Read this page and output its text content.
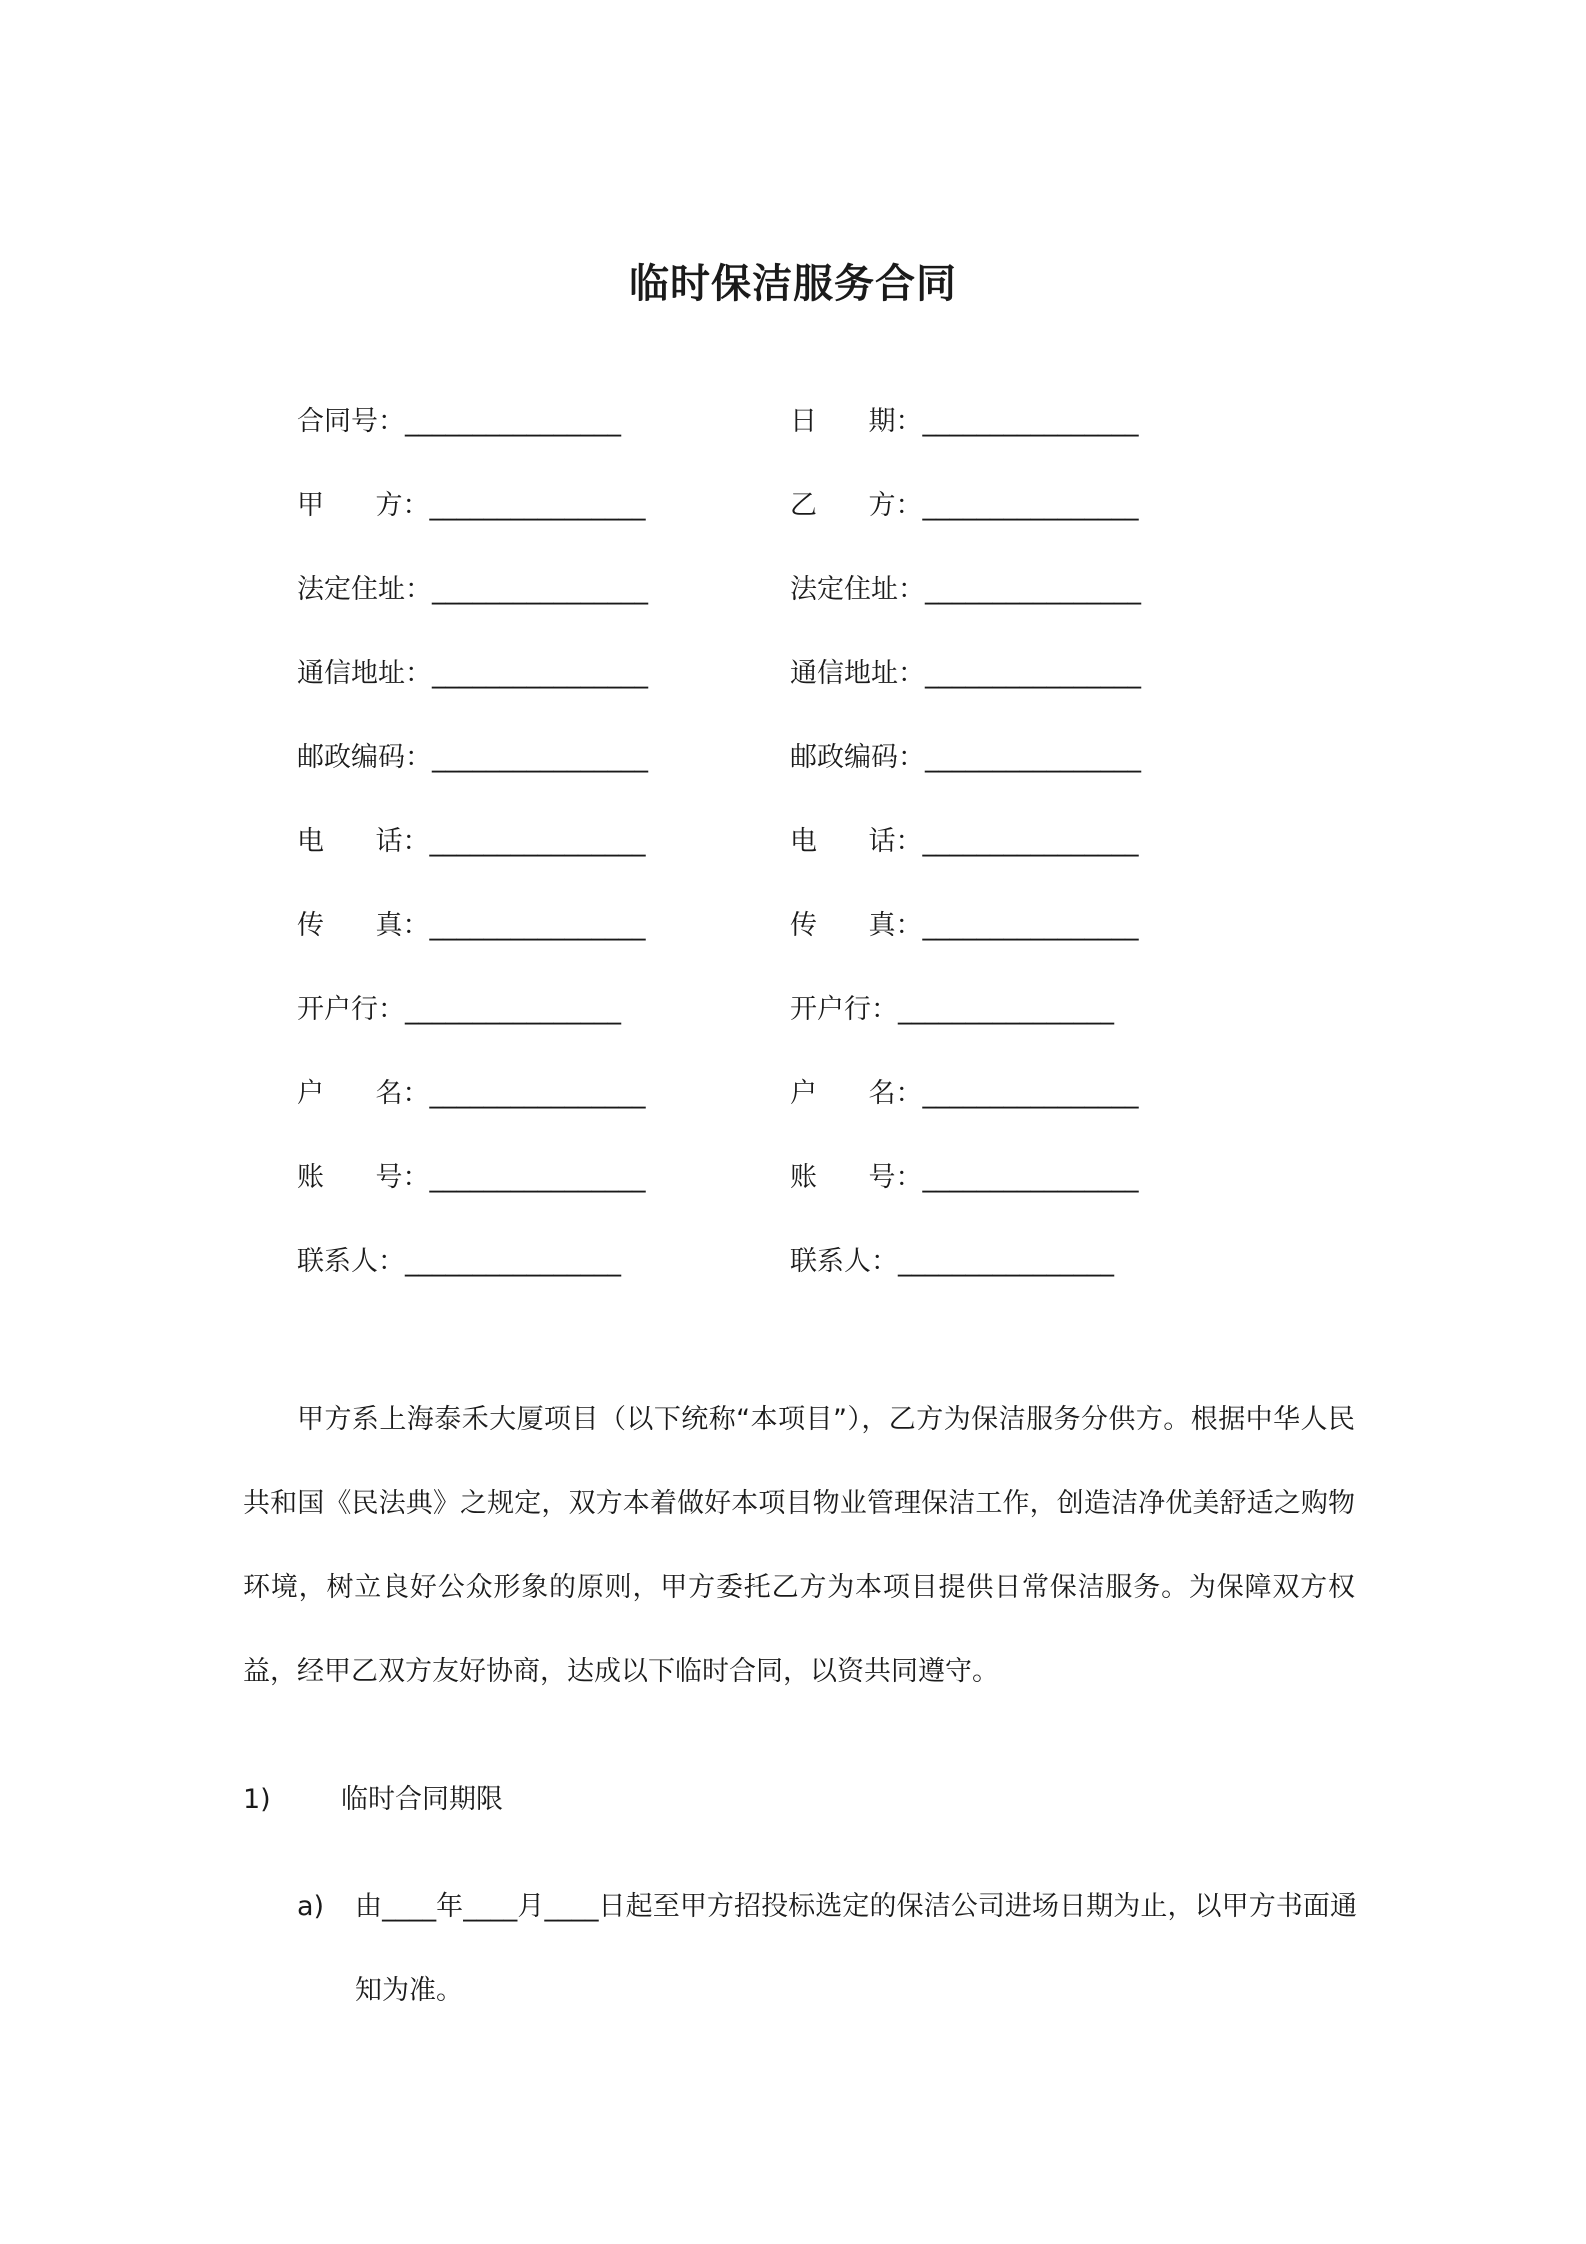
临时保洁服务合同
合同号：________________	日      期：________________
甲      方：________________	乙      方：________________
法定住址：________________	法定住址：________________
通信地址：________________	通信地址：________________
邮政编码：________________	邮政编码：________________
电      话：________________	电      话：________________
传      真：________________	传      真：________________
开户行：________________	开户行：________________
户      名：________________	户      名：________________
账      号：________________	账      号：________________
联系人：________________	联系人：________________

甲方系上海泰禾大厦项目（以下统称“本项目”），乙方为保洁服务分供方。根据中华人民共和国《民法典》之规定，双方本着做好本项目物业管理保洁工作，创造洁净优美舒适之购物环境，树立良好公众形象的原则，甲方委托乙方为本项目提供日常保洁服务。为保障双方权益，经甲乙双方友好协商，达成以下临时合同，以资共同遵守。

1)	临时合同期限
a) 由____年____月____日起至甲方招投标选定的保洁公司进场日期为止，以甲方书面通知为准。
